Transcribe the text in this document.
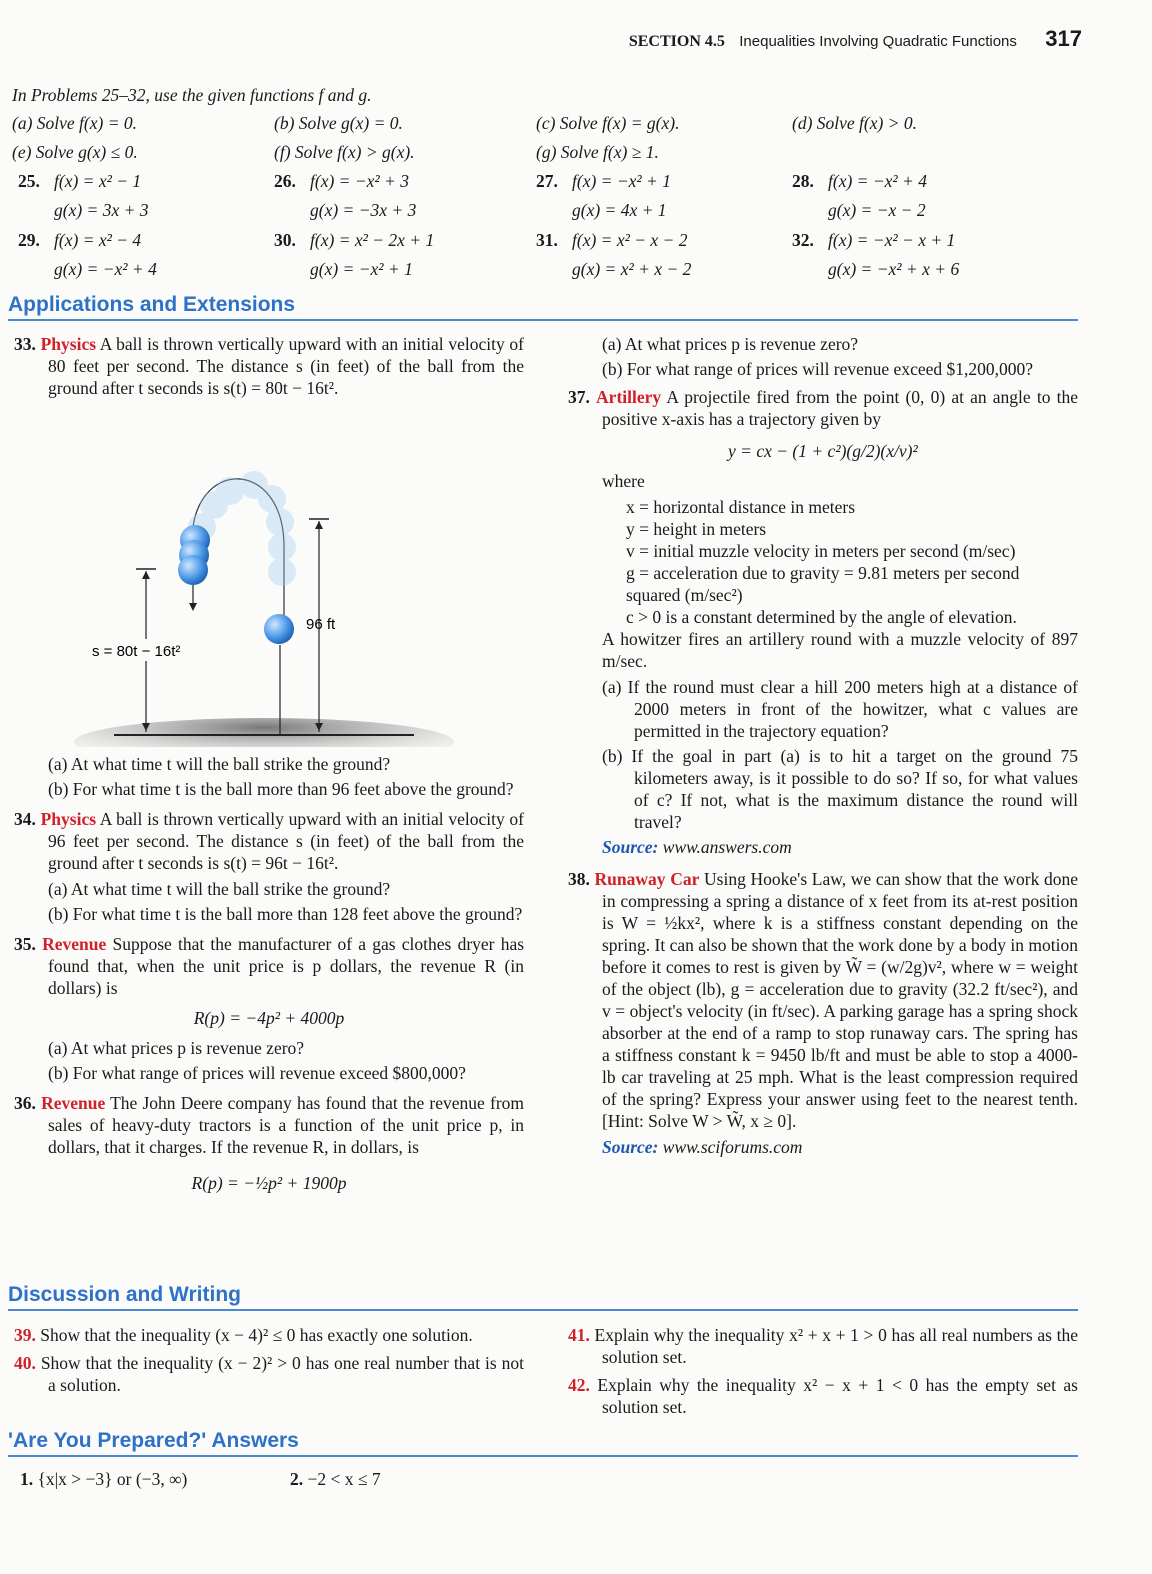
SECTION 4.5 Inequalities Involving Quadratic Functions 317
In Problems 25–32, use the given functions f and g.
(a) Solve f(x) = 0.	(b) Solve g(x) = 0.	(c) Solve f(x) = g(x).	(d) Solve f(x) > 0.
(e) Solve g(x) ≤ 0.	(f) Solve f(x) > g(x).	(g) Solve f(x) ≥ 1.
25. f(x) = x² − 1
g(x) = 3x + 3
26. f(x) = −x² + 3
g(x) = −3x + 3
27. f(x) = −x² + 1
g(x) = 4x + 1
28. f(x) = −x² + 4
g(x) = −x − 2
29. f(x) = x² − 4
g(x) = −x² + 4
30. f(x) = x² − 2x + 1
g(x) = −x² + 1
31. f(x) = x² − x − 2
g(x) = x² + x − 2
32. f(x) = −x² − x + 1
g(x) = −x² + x + 6
Applications and Extensions
33. Physics A ball is thrown vertically upward with an initial velocity of 80 feet per second. The distance s (in feet) of the ball from the ground after t seconds is s(t) = 80t − 16t².
s = 80t − 16t²
96 ft
(a) At what time t will the ball strike the ground?
(b) For what time t is the ball more than 96 feet above the ground?
34. Physics A ball is thrown vertically upward with an initial velocity of 96 feet per second. The distance s (in feet) of the ball from the ground after t seconds is s(t) = 96t − 16t².
(a) At what time t will the ball strike the ground?
(b) For what time t is the ball more than 128 feet above the ground?
35. Revenue Suppose that the manufacturer of a gas clothes dryer has found that, when the unit price is p dollars, the revenue R (in dollars) is
R(p) = −4p² + 4000p
(a) At what prices p is revenue zero?
(b) For what range of prices will revenue exceed $800,000?
36. Revenue The John Deere company has found that the revenue from sales of heavy-duty tractors is a function of the unit price p, in dollars, that it charges. If the revenue R, in dollars, is
R(p) = −½p² + 1900p
(a) At what prices p is revenue zero?
(b) For what range of prices will revenue exceed $1,200,000?
37. Artillery A projectile fired from the point (0, 0) at an angle to the positive x-axis has a trajectory given by
y = cx − (1 + c²)(g/2)(x/v)²
where
x = horizontal distance in meters
y = height in meters
v = initial muzzle velocity in meters per second (m/sec)
g = acceleration due to gravity = 9.81 meters per second squared (m/sec²)
c > 0 is a constant determined by the angle of elevation.
A howitzer fires an artillery round with a muzzle velocity of 897 m/sec.
(a) If the round must clear a hill 200 meters high at a distance of 2000 meters in front of the howitzer, what c values are permitted in the trajectory equation?
(b) If the goal in part (a) is to hit a target on the ground 75 kilometers away, is it possible to do so? If so, for what values of c? If not, what is the maximum distance the round will travel?
Source: www.answers.com
38. Runaway Car Using Hooke's Law, we can show that the work done in compressing a spring a distance of x feet from its at-rest position is W = ½kx², where k is a stiffness constant depending on the spring. It can also be shown that the work done by a body in motion before it comes to rest is given by W̃ = (w/2g)v², where w = weight of the object (lb), g = acceleration due to gravity (32.2 ft/sec²), and v = object's velocity (in ft/sec). A parking garage has a spring shock absorber at the end of a ramp to stop runaway cars. The spring has a stiffness constant k = 9450 lb/ft and must be able to stop a 4000-lb car traveling at 25 mph. What is the least compression required of the spring? Express your answer using feet to the nearest tenth. [Hint: Solve W > W̃, x ≥ 0].
Source: www.sciforums.com
Discussion and Writing
39. Show that the inequality (x − 4)² ≤ 0 has exactly one solution.
40. Show that the inequality (x − 2)² > 0 has one real number that is not a solution.
41. Explain why the inequality x² + x + 1 > 0 has all real numbers as the solution set.
42. Explain why the inequality x² − x + 1 < 0 has the empty set as solution set.
'Are You Prepared?' Answers
1. {x|x > −3} or (−3, ∞)	2. −2 < x ≤ 7
